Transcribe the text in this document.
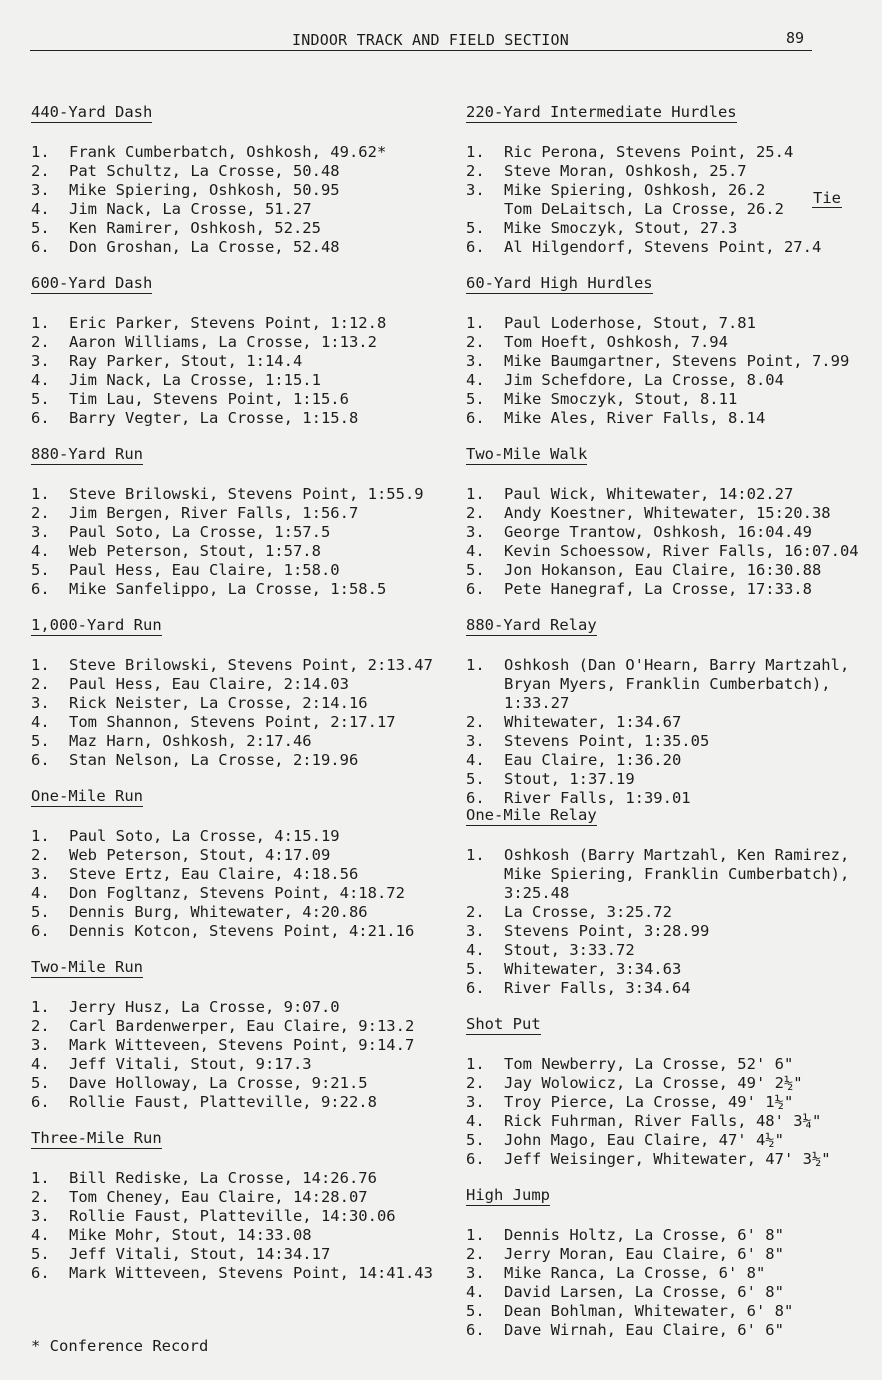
INDOOR TRACK AND FIELD SECTION	89
440-Yard Dash
1.	Frank Cumberbatch, Oshkosh, 49.62*
2.	Pat Schultz, La Crosse, 50.48
3.	Mike Spiering, Oshkosh, 50.95
4.	Jim Nack, La Crosse, 51.27
5.	Ken Ramirer, Oshkosh, 52.25
6.	Don Groshan, La Crosse, 52.48
600-Yard Dash
1.	Eric Parker, Stevens Point, 1:12.8
2.	Aaron Williams, La Crosse, 1:13.2
3.	Ray Parker, Stout, 1:14.4
4.	Jim Nack, La Crosse, 1:15.1
5.	Tim Lau, Stevens Point, 1:15.6
6.	Barry Vegter, La Crosse, 1:15.8
880-Yard Run
1.	Steve Brilowski, Stevens Point, 1:55.9
2.	Jim Bergen, River Falls, 1:56.7
3.	Paul Soto, La Crosse, 1:57.5
4.	Web Peterson, Stout, 1:57.8
5.	Paul Hess, Eau Claire, 1:58.0
6.	Mike Sanfelippo, La Crosse, 1:58.5
1,000-Yard Run
1.	Steve Brilowski, Stevens Point, 2:13.47
2.	Paul Hess, Eau Claire, 2:14.03
3.	Rick Neister, La Crosse, 2:14.16
4.	Tom Shannon, Stevens Point, 2:17.17
5.	Maz Harn, Oshkosh, 2:17.46
6.	Stan Nelson, La Crosse, 2:19.96
One-Mile Run
1.	Paul Soto, La Crosse, 4:15.19
2.	Web Peterson, Stout, 4:17.09
3.	Steve Ertz, Eau Claire, 4:18.56
4.	Don Fogltanz, Stevens Point, 4:18.72
5.	Dennis Burg, Whitewater, 4:20.86
6.	Dennis Kotcon, Stevens Point, 4:21.16
Two-Mile Run
1.	Jerry Husz, La Crosse, 9:07.0
2.	Carl Bardenwerper, Eau Claire, 9:13.2
3.	Mark Witteveen, Stevens Point, 9:14.7
4.	Jeff Vitali, Stout, 9:17.3
5.	Dave Holloway, La Crosse, 9:21.5
6.	Rollie Faust, Platteville, 9:22.8
Three-Mile Run
1.	Bill Rediske, La Crosse, 14:26.76
2.	Tom Cheney, Eau Claire, 14:28.07
3.	Rollie Faust, Platteville, 14:30.06
4.	Mike Mohr, Stout, 14:33.08
5.	Jeff Vitali, Stout, 14:34.17
6.	Mark Witteveen, Stevens Point, 14:41.43
220-Yard Intermediate Hurdles
1.	Ric Perona, Stevens Point, 25.4
2.	Steve Moran, Oshkosh, 25.7
3.	Mike Spiering, Oshkosh, 26.2
Tom DeLaitsch, La Crosse, 26.2
5.	Mike Smoczyk, Stout, 27.3
6.	Al Hilgendorf, Stevens Point, 27.4
Tie
60-Yard High Hurdles
1.	Paul Loderhose, Stout, 7.81
2.	Tom Hoeft, Oshkosh, 7.94
3.	Mike Baumgartner, Stevens Point, 7.99
4.	Jim Schefdore, La Crosse, 8.04
5.	Mike Smoczyk, Stout, 8.11
6.	Mike Ales, River Falls, 8.14
Two-Mile Walk
1.	Paul Wick, Whitewater, 14:02.27
2.	Andy Koestner, Whitewater, 15:20.38
3.	George Trantow, Oshkosh, 16:04.49
4.	Kevin Schoessow, River Falls, 16:07.04
5.	Jon Hokanson, Eau Claire, 16:30.88
6.	Pete Hanegraf, La Crosse, 17:33.8
880-Yard Relay
1.	Oshkosh (Dan O'Hearn, Barry Martzahl,
Bryan Myers, Franklin Cumberbatch),
1:33.27
2.	Whitewater, 1:34.67
3.	Stevens Point, 1:35.05
4.	Eau Claire, 1:36.20
5.	Stout, 1:37.19
6.	River Falls, 1:39.01
One-Mile Relay
1.	Oshkosh (Barry Martzahl, Ken Ramirez,
Mike Spiering, Franklin Cumberbatch),
3:25.48
2.	La Crosse, 3:25.72
3.	Stevens Point, 3:28.99
4.	Stout, 3:33.72
5.	Whitewater, 3:34.63
6.	River Falls, 3:34.64
Shot Put
1.	Tom Newberry, La Crosse, 52' 6"
2.	Jay Wolowicz, La Crosse, 49' 2½"
3.	Troy Pierce, La Crosse, 49' 1½"
4.	Rick Fuhrman, River Falls, 48' 3¼"
5.	John Mago, Eau Claire, 47' 4½"
6.	Jeff Weisinger, Whitewater, 47' 3½"
High Jump
1.	Dennis Holtz, La Crosse, 6' 8"
2.	Jerry Moran, Eau Claire, 6' 8"
3.	Mike Ranca, La Crosse, 6' 8"
4.	David Larsen, La Crosse, 6' 8"
5.	Dean Bohlman, Whitewater, 6' 8"
6.	Dave Wirnah, Eau Claire, 6' 6"
* Conference Record
